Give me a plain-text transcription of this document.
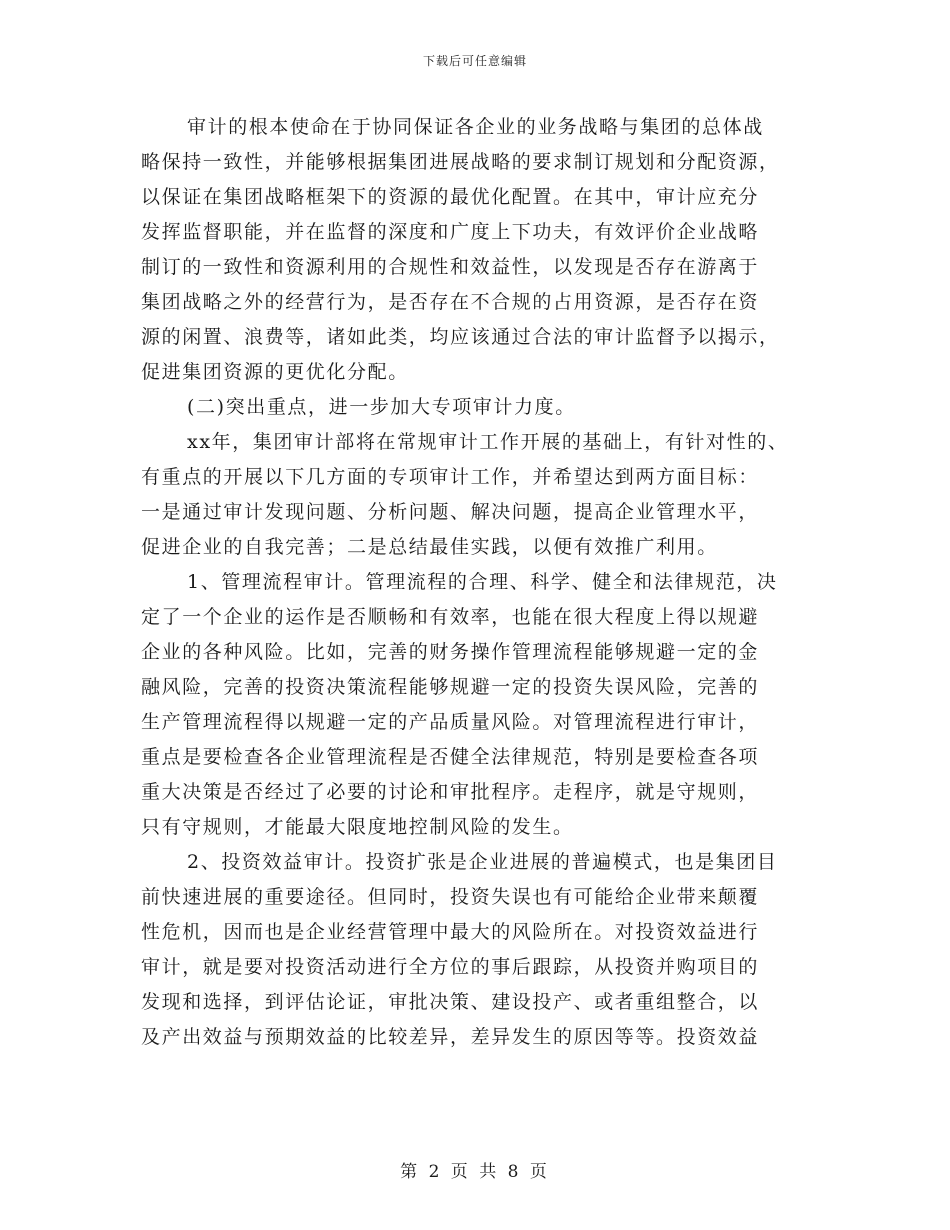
下载后可任意编辑
审计的根本使命在于协同保证各企业的业务战略与集团的总体战
略保持一致性，并能够根据集团进展战略的要求制订规划和分配资源，
以保证在集团战略框架下的资源的最优化配置。在其中，审计应充分
发挥监督职能，并在监督的深度和广度上下功夫，有效评价企业战略
制订的一致性和资源利用的合规性和效益性，以发现是否存在游离于
集团战略之外的经营行为，是否存在不合规的占用资源，是否存在资
源的闲置、浪费等，诸如此类，均应该通过合法的审计监督予以揭示，
促进集团资源的更优化分配。
(二)突出重点，进一步加大专项审计力度。
xx年，集团审计部将在常规审计工作开展的基础上，有针对性的、
有重点的开展以下几方面的专项审计工作，并希望达到两方面目标：
一是通过审计发现问题、分析问题、解决问题，提高企业管理水平，
促进企业的自我完善；二是总结最佳实践，以便有效推广利用。
1、管理流程审计。管理流程的合理、科学、健全和法律规范，决
定了一个企业的运作是否顺畅和有效率，也能在很大程度上得以规避
企业的各种风险。比如，完善的财务操作管理流程能够规避一定的金
融风险，完善的投资决策流程能够规避一定的投资失误风险，完善的
生产管理流程得以规避一定的产品质量风险。对管理流程进行审计，
重点是要检查各企业管理流程是否健全法律规范，特别是要检查各项
重大决策是否经过了必要的讨论和审批程序。走程序，就是守规则，
只有守规则，才能最大限度地控制风险的发生。
2、投资效益审计。投资扩张是企业进展的普遍模式，也是集团目
前快速进展的重要途径。但同时，投资失误也有可能给企业带来颠覆
性危机，因而也是企业经营管理中最大的风险所在。对投资效益进行
审计，就是要对投资活动进行全方位的事后跟踪，从投资并购项目的
发现和选择，到评估论证，审批决策、建设投产、或者重组整合，以
及产出效益与预期效益的比较差异，差异发生的原因等等。投资效益
第 2 页 共 8 页
